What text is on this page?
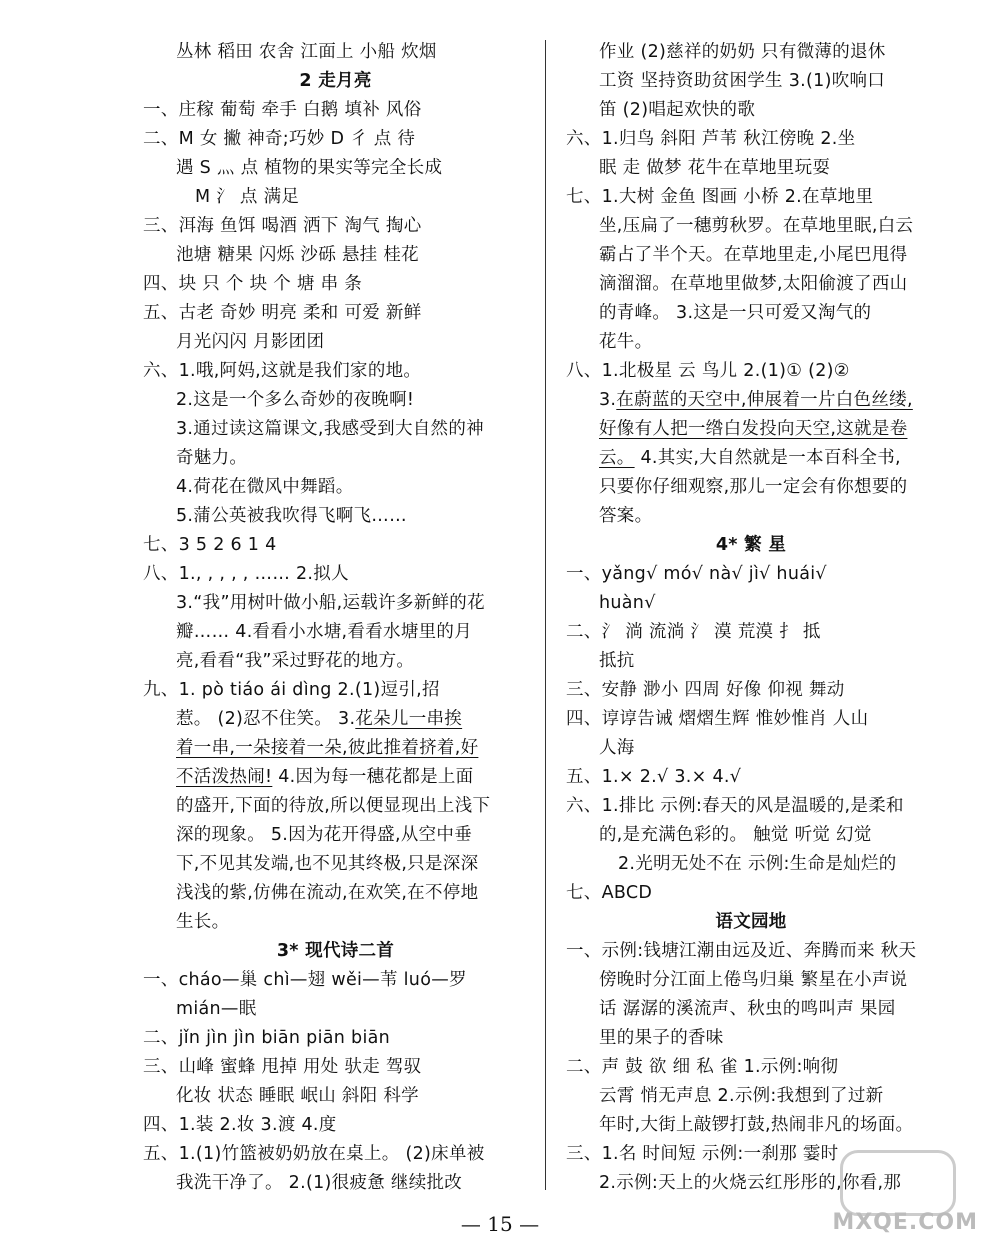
丛林 稻田 农舍 江面上 小船 炊烟
2 走月亮
一、庄稼 葡萄 牵手 白鹅 填补 风俗
二、M 女 撇 神奇;巧妙 D 彳 点 待
遇 S 灬 点 植物的果实等完全长成
M 氵 点 满足
三、洱海 鱼饵 喝酒 洒下 淘气 掏心
池塘 糖果 闪烁 沙砾 悬挂 桂花
四、块 只 个 块 个 塘 串 条
五、古老 奇妙 明亮 柔和 可爱 新鲜
月光闪闪 月影团团
六、1.哦,阿妈,这就是我们家的地。
2.这是一个多么奇妙的夜晚啊!
3.通过读这篇课文,我感受到大自然的神
奇魅力。
4.荷花在微风中舞蹈。
5.蒲公英被我吹得飞啊飞……
七、3 5 2 6 1 4
八、1., , , , , …… 2.拟人
3.“我”用树叶做小船,运载许多新鲜的花
瓣…… 4.看看小水塘,看看水塘里的月
亮,看看“我”采过野花的地方。
九、1. pò tiáo ái dìng 2.(1)逗引,招
惹。 (2)忍不住笑。 3.花朵儿一串挨
着一串,一朵接着一朵,彼此推着挤着,好
不活泼热闹! 4.因为每一穗花都是上面
的盛开,下面的待放,所以便显现出上浅下
深的现象。 5.因为花开得盛,从空中垂
下,不见其发端,也不见其终极,只是深深
浅浅的紫,仿佛在流动,在欢笑,在不停地
生长。
3* 现代诗二首
一、cháo—巢 chì—翅 wěi—苇 luó—罗
mián—眠
二、jǐn jìn jìn biān piān biān
三、山峰 蜜蜂 甩掉 用处 驮走 驾驭
化妆 状态 睡眠 岷山 斜阳 科学
四、1.装 2.妆 3.渡 4.度
五、1.(1)竹篮被奶奶放在桌上。 (2)床单被
我洗干净了。 2.(1)很疲惫 继续批改
作业 (2)慈祥的奶奶 只有微薄的退休
工资 坚持资助贫困学生 3.(1)吹响口
笛 (2)唱起欢快的歌
六、1.归鸟 斜阳 芦苇 秋江傍晚 2.坐
眠 走 做梦 花牛在草地里玩耍
七、1.大树 金鱼 图画 小桥 2.在草地里
坐,压扁了一穗剪秋罗。在草地里眠,白云
霸占了半个天。在草地里走,小尾巴甩得
滴溜溜。在草地里做梦,太阳偷渡了西山
的青峰。 3.这是一只可爱又淘气的
花牛。
八、1.北极星 云 鸟儿 2.(1)① (2)②
3.在蔚蓝的天空中,伸展着一片白色丝缕,
好像有人把一绺白发投向天空,这就是卷
云。 4.其实,大自然就是一本百科全书,
只要你仔细观察,那儿一定会有你想要的
答案。
4* 繁 星
一、yǎng√ mó√ nà√ jì√ huái√
huàn√
二、氵 淌 流淌 氵 漠 荒漠 扌 抵
抵抗
三、安静 渺小 四周 好像 仰视 舞动
四、谆谆告诫 熠熠生辉 惟妙惟肖 人山
人海
五、1.× 2.√ 3.× 4.√
六、1.排比 示例:春天的风是温暖的,是柔和
的,是充满色彩的。 触觉 听觉 幻觉
2.光明无处不在 示例:生命是灿烂的
七、ABCD
语文园地
一、示例:钱塘江潮由远及近、奔腾而来 秋天
傍晚时分江面上倦鸟归巢 繁星在小声说
话 潺潺的溪流声、秋虫的鸣叫声 果园
里的果子的香味
二、声 鼓 欲 细 私 雀 1.示例:响彻
云霄 悄无声息 2.示例:我想到了过新
年时,大街上敲锣打鼓,热闹非凡的场面。
三、1.名 时间短 示例:一刹那 霎时
2.示例:天上的火烧云红彤彤的,你看,那
— 15 —	MXQE.COM
